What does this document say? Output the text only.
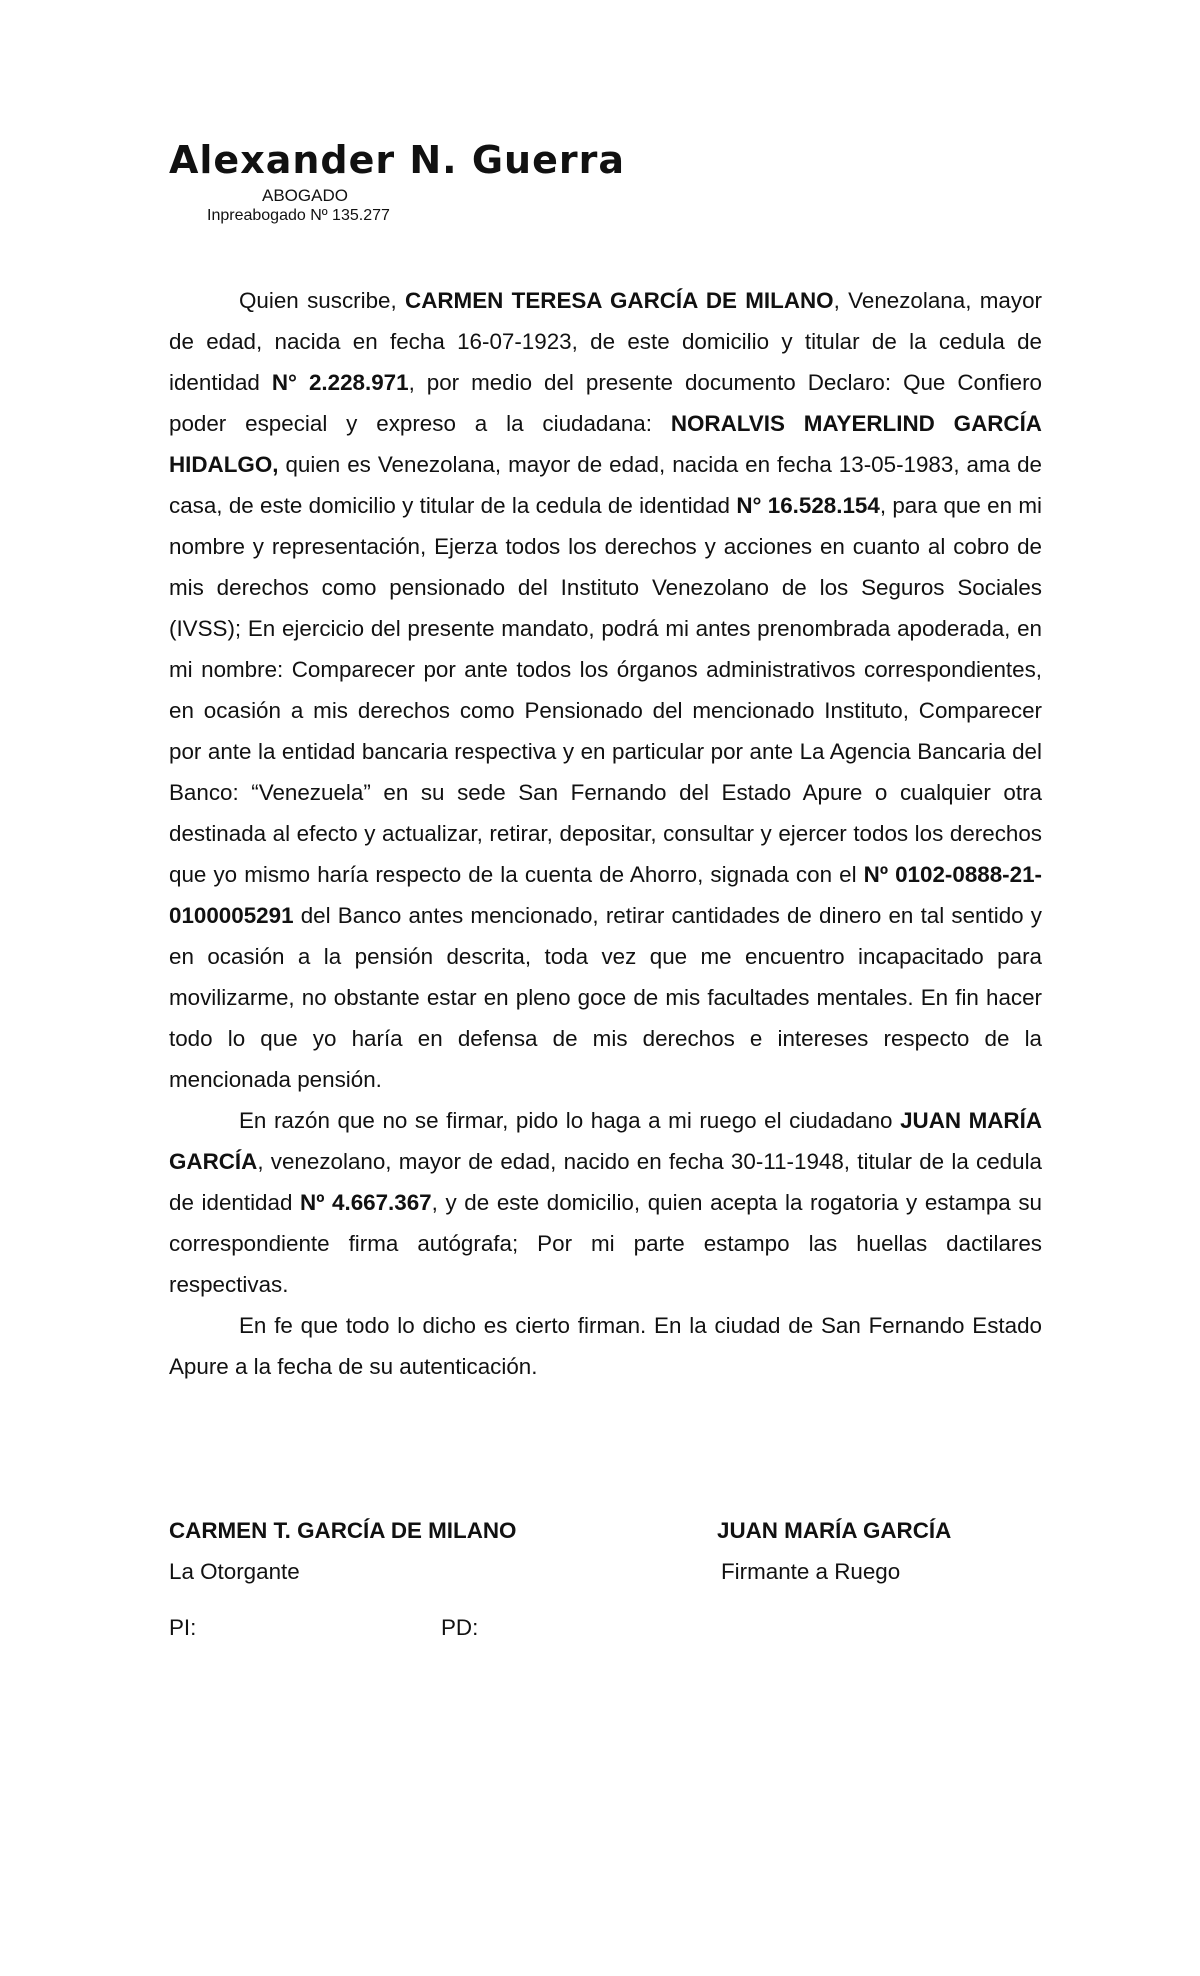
Alexander N. Guerra
ABOGADO
Inpreabogado Nº 135.277

Quien suscribe, CARMEN TERESA GARCÍA DE MILANO, Venezolana, mayor de edad, nacida en fecha 16-07-1923, de este domicilio y titular de la cedula de identidad N° 2.228.971, por medio del presente documento Declaro: Que Confiero poder especial y expreso a la ciudadana: NORALVIS MAYERLIND GARCÍA HIDALGO, quien es Venezolana, mayor de edad, nacida en fecha 13-05-1983, ama de casa, de este domicilio y titular de la cedula de identidad N° 16.528.154, para que en mi nombre y representación, Ejerza todos los derechos y acciones en cuanto al cobro de mis derechos como pensionado del Instituto Venezolano de los Seguros Sociales (IVSS); En ejercicio del presente mandato, podrá mi antes prenombrada apoderada, en mi nombre: Comparecer por ante todos los órganos administrativos correspondientes, en ocasión a mis derechos como Pensionado del mencionado Instituto, Comparecer por ante la entidad bancaria respectiva y en particular por ante La Agencia Bancaria del Banco: “Venezuela” en su sede San Fernando del Estado Apure o cualquier otra destinada al efecto y actualizar, retirar, depositar, consultar y ejercer todos los derechos que yo mismo haría respecto de la cuenta de Ahorro, signada con el Nº 0102-0888-21-0100005291 del Banco antes mencionado, retirar cantidades de dinero en tal sentido y en ocasión a la pensión descrita, toda vez que me encuentro incapacitado para movilizarme, no obstante estar en pleno goce de mis facultades mentales. En fin hacer todo lo que yo haría en defensa de mis derechos e intereses respecto de la mencionada pensión.

En razón que no se firmar, pido lo haga a mi ruego el ciudadano JUAN MARÍA GARCÍA, venezolano, mayor de edad, nacido en fecha 30-11-1948, titular de la cedula de identidad Nº 4.667.367, y de este domicilio, quien acepta la rogatoria y estampa su correspondiente firma autógrafa; Por mi parte estampo las huellas dactilares respectivas.

En fe que todo lo dicho es cierto firman. En la ciudad de San Fernando Estado Apure a la fecha de su autenticación.

CARMEN T. GARCÍA DE MILANO
La Otorgante
JUAN MARÍA GARCÍA
Firmante a Ruego
PI:	PD:
